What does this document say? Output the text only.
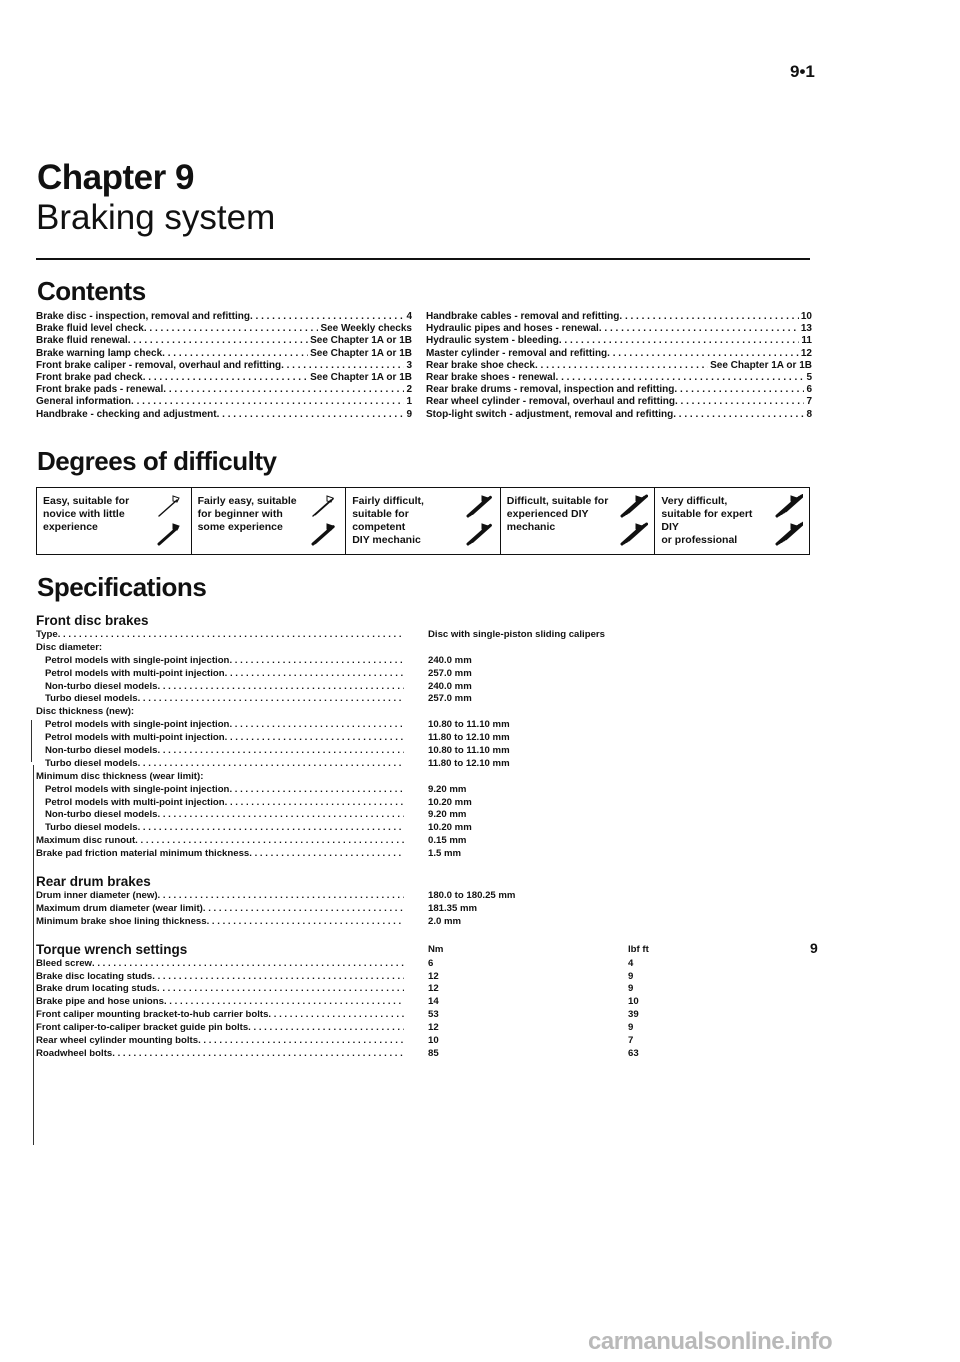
9•1
Chapter 9
Braking system
Contents
Brake disc - inspection, removal and refitting . . .	4
Brake fluid level check . . .	See Weekly checks
Brake fluid renewal . . .	See Chapter 1A or 1B
Brake warning lamp check . . .	See Chapter 1A or 1B
Front brake caliper - removal, overhaul and refitting . . .	3
Front brake pad check . . .	See Chapter 1A or 1B
Front brake pads - renewal . . .	2
General information . . .	1
Handbrake - checking and adjustment . . .	9
Handbrake cables - removal and refitting . . .	10
Hydraulic pipes and hoses - renewal . . .	13
Hydraulic system - bleeding . . .	11
Master cylinder - removal and refitting . . .	12
Rear brake shoe check . . .	See Chapter 1A or 1B
Rear brake shoes - renewal . . .	5
Rear brake drums - removal, inspection and refitting . . .	6
Rear wheel cylinder - removal, overhaul and refitting . . .	7
Stop-light switch - adjustment, removal and refitting . . .	8
Degrees of difficulty
Easy, suitable for
novice with little
experience
Fairly easy, suitable
for beginner with
some experience
Fairly difficult,
suitable for competent
DIY mechanic
Difficult, suitable for
experienced DIY
mechanic
Very difficult,
suitable for expert DIY
or professional
Specifications
Front disc brakes
Type . . .	Disc with single-piston sliding calipers
Disc diameter:
Petrol models with single-point injection . . .	240.0 mm
Petrol models with multi-point injection . . .	257.0 mm
Non-turbo diesel models . . .	240.0 mm
Turbo diesel models . . .	257.0 mm
Disc thickness (new):
Petrol models with single-point injection . . .	10.80 to 11.10 mm
Petrol models with multi-point injection . . .	11.80 to 12.10 mm
Non-turbo diesel models . . .	10.80 to 11.10 mm
Turbo diesel models . . .	11.80 to 12.10 mm
Minimum disc thickness (wear limit):
Petrol models with single-point injection . . .	9.20 mm
Petrol models with multi-point injection . . .	10.20 mm
Non-turbo diesel models . . .	9.20 mm
Turbo diesel models . . .	10.20 mm
Maximum disc runout . . .	0.15 mm
Brake pad friction material minimum thickness . . .	1.5 mm
Rear drum brakes
Drum inner diameter (new) . . .	180.0 to 180.25 mm
Maximum drum diameter (wear limit) . . .	181.35 mm
Minimum brake shoe lining thickness . . .	2.0 mm
Torque wrench settings	Nm	lbf ft
Bleed screw . . .	6	4
Brake disc locating studs . . .	12	9
Brake drum locating studs . . .	12	9
Brake pipe and hose unions . . .	14	10
Front caliper mounting bracket-to-hub carrier bolts . . .	53	39
Front caliper-to-caliper bracket guide pin bolts . . .	12	9
Rear wheel cylinder mounting bolts . . .	10	7
Roadwheel bolts . . .	85	63
9
carmanualsonline.info
